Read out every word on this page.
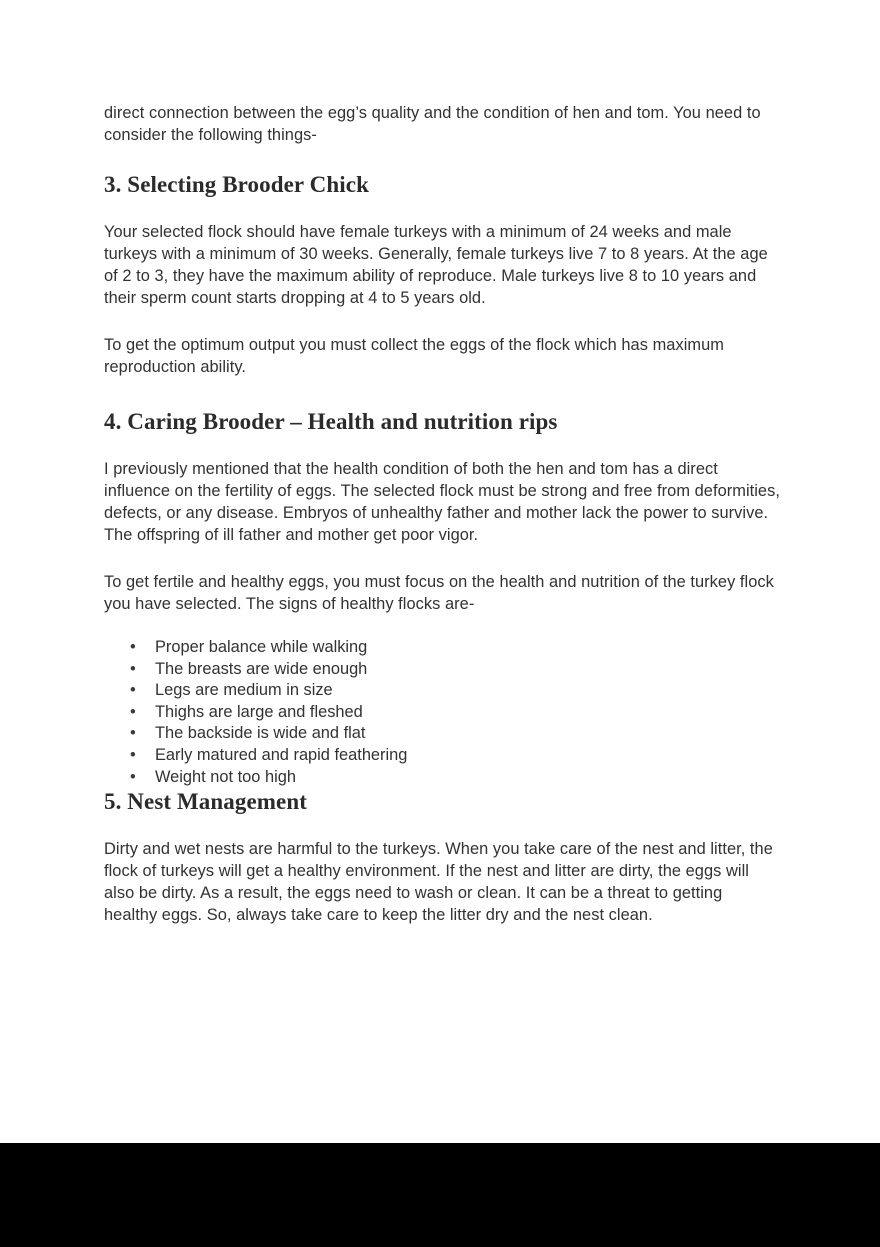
direct connection between the egg’s quality and the condition of hen and tom. You need to consider the following things-

3. Selecting Brooder Chick

Your selected flock should have female turkeys with a minimum of 24 weeks and male turkeys with a minimum of 30 weeks. Generally, female turkeys live 7 to 8 years. At the age of 2 to 3, they have the maximum ability of reproduce. Male turkeys live 8 to 10 years and their sperm count starts dropping at 4 to 5 years old.

To get the optimum output you must collect the eggs of the flock which has maximum reproduction ability.

4. Caring Brooder – Health and nutrition rips

I previously mentioned that the health condition of both the hen and tom has a direct influence on the fertility of eggs. The selected flock must be strong and free from deformities, defects, or any disease. Embryos of unhealthy father and mother lack the power to survive. The offspring of ill father and mother get poor vigor.

To get fertile and healthy eggs, you must focus on the health and nutrition of the turkey flock you have selected. The signs of healthy flocks are-

• Proper balance while walking
• The breasts are wide enough
• Legs are medium in size
• Thighs are large and fleshed
• The backside is wide and flat
• Early matured and rapid feathering
• Weight not too high
5. Nest Management

Dirty and wet nests are harmful to the turkeys. When you take care of the nest and litter, the flock of turkeys will get a healthy environment. If the nest and litter are dirty, the eggs will also be dirty. As a result, the eggs need to wash or clean. It can be a threat to getting healthy eggs. So, always take care to keep the litter dry and the nest clean.
